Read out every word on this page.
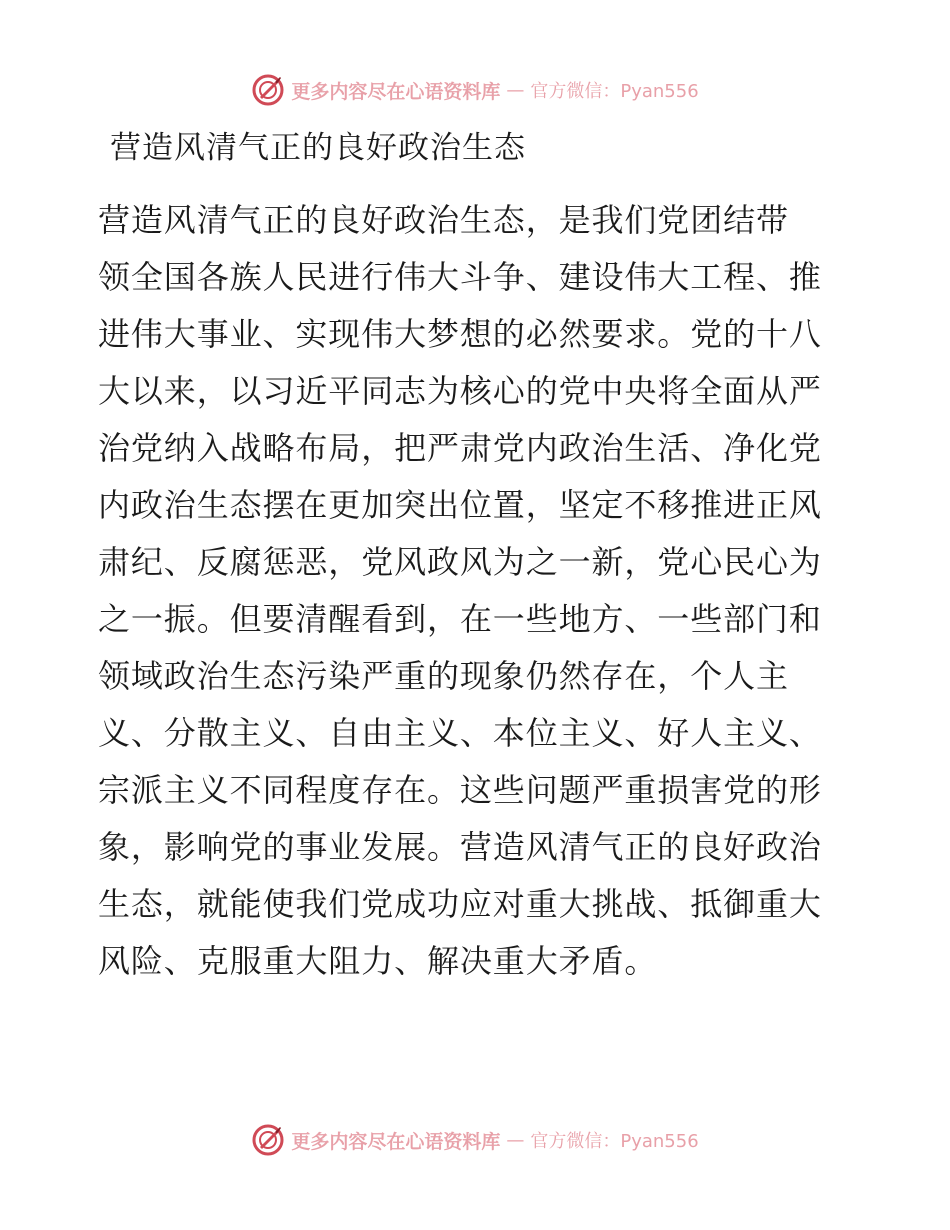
更多内容尽在心语资料库 — 官方微信：Pyan556
营造风清气正的良好政治生态
营造风清气正的良好政治生态，是我们党团结带
领全国各族人民进行伟大斗争、建设伟大工程、推
进伟大事业、实现伟大梦想的必然要求。党的十八
大以来，以习近平同志为核心的党中央将全面从严
治党纳入战略布局，把严肃党内政治生活、净化党
内政治生态摆在更加突出位置，坚定不移推进正风
肃纪、反腐惩恶，党风政风为之一新，党心民心为
之一振。但要清醒看到，在一些地方、一些部门和
领域政治生态污染严重的现象仍然存在，个人主
义、分散主义、自由主义、本位主义、好人主义、
宗派主义不同程度存在。这些问题严重损害党的形
象，影响党的事业发展。营造风清气正的良好政治
生态，就能使我们党成功应对重大挑战、抵御重大
风险、克服重大阻力、解决重大矛盾。
更多内容尽在心语资料库 — 官方微信：Pyan556
